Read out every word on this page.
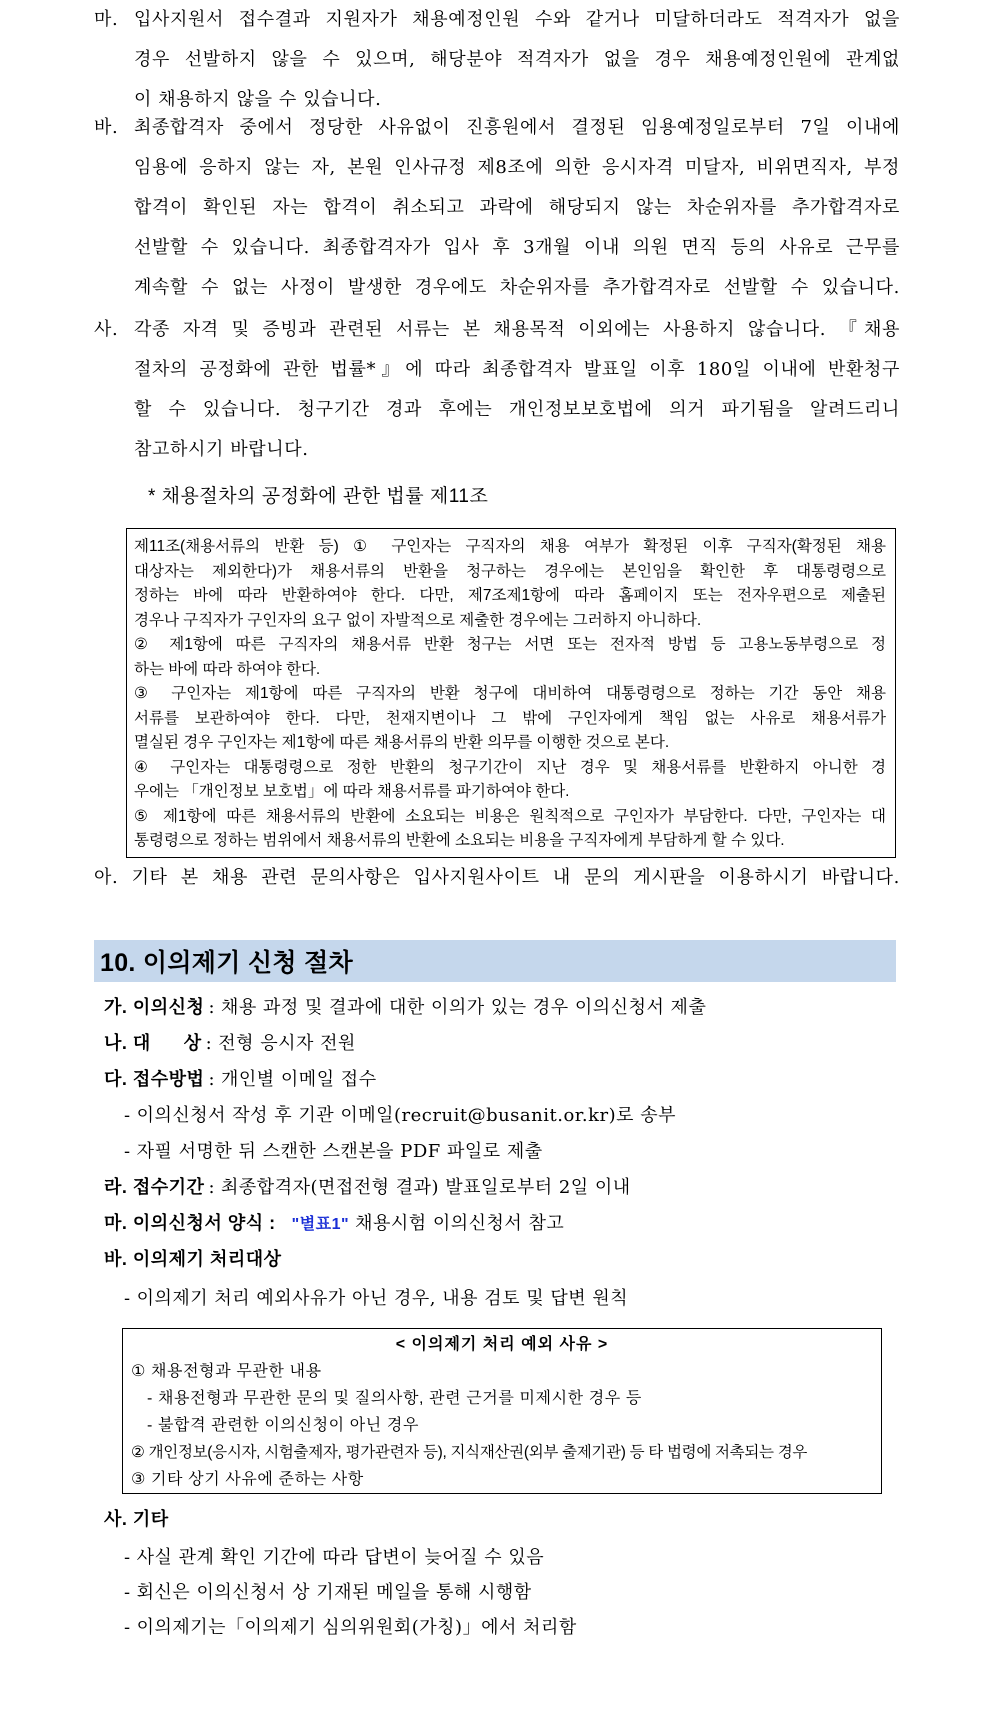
마. 입사지원서 접수결과 지원자가 채용예정인원 수와 같거나 미달하더라도 적격자가 없을
경우 선발하지 않을 수 있으며, 해당분야 적격자가 없을 경우 채용예정인원에 관계없
이 채용하지 않을 수 있습니다.
바. 최종합격자 중에서 정당한 사유없이 진흥원에서 결정된 임용예정일로부터 7일 이내에
임용에 응하지 않는 자, 본원 인사규정 제8조에 의한 응시자격 미달자, 비위면직자, 부정
합격이 확인된 자는 합격이 취소되고 과락에 해당되지 않는 차순위자를 추가합격자로
선발할 수 있습니다. 최종합격자가 입사 후 3개월 이내 의원 면직 등의 사유로 근무를
계속할 수 없는 사정이 발생한 경우에도 차순위자를 추가합격자로 선발할 수 있습니다.
사. 각종 자격 및 증빙과 관련된 서류는 본 채용목적 이외에는 사용하지 않습니다. 『채용
절차의 공정화에 관한 법률*』에 따라 최종합격자 발표일 이후 180일 이내에 반환청구
할 수 있습니다. 청구기간 경과 후에는 개인정보보호법에 의거 파기됨을 알려드리니
참고하시기 바랍니다.
* 채용절차의 공정화에 관한 법률 제11조
제11조(채용서류의 반환 등) ① 구인자는 구직자의 채용 여부가 확정된 이후 구직자(확정된 채용
대상자는 제외한다)가 채용서류의 반환을 청구하는 경우에는 본인임을 확인한 후 대통령령으로
정하는 바에 따라 반환하여야 한다. 다만, 제7조제1항에 따라 홈페이지 또는 전자우편으로 제출된
경우나 구직자가 구인자의 요구 없이 자발적으로 제출한 경우에는 그러하지 아니하다.
② 제1항에 따른 구직자의 채용서류 반환 청구는 서면 또는 전자적 방법 등 고용노동부령으로 정
하는 바에 따라 하여야 한다.
③ 구인자는 제1항에 따른 구직자의 반환 청구에 대비하여 대통령령으로 정하는 기간 동안 채용
서류를 보관하여야 한다. 다만, 천재지변이나 그 밖에 구인자에게 책임 없는 사유로 채용서류가
멸실된 경우 구인자는 제1항에 따른 채용서류의 반환 의무를 이행한 것으로 본다.
④ 구인자는 대통령령으로 정한 반환의 청구기간이 지난 경우 및 채용서류를 반환하지 아니한 경
우에는 「개인정보 보호법」에 따라 채용서류를 파기하여야 한다.
⑤ 제1항에 따른 채용서류의 반환에 소요되는 비용은 원칙적으로 구인자가 부담한다. 다만, 구인자는 대
통령령으로 정하는 범위에서 채용서류의 반환에 소요되는 비용을 구직자에게 부담하게 할 수 있다.
아. 기타 본 채용 관련 문의사항은 입사지원사이트 내 문의 게시판을 이용하시기 바랍니다.
10. 이의제기 신청 절차
가. 이의신청 : 채용 과정 및 결과에 대한 이의가 있는 경우 이의신청서 제출
나. 대      상 : 전형 응시자 전원
다. 접수방법 : 개인별 이메일 접수
- 이의신청서 작성 후 기관 이메일(recruit@busanit.or.kr)로 송부
- 자필 서명한 뒤 스캔한 스캔본을 PDF 파일로 제출
라. 접수기간 : 최종합격자(면접전형 결과) 발표일로부터 2일 이내
마. 이의신청서 양식 : "별표1" 채용시험 이의신청서 참고
바. 이의제기 처리대상
- 이의제기 처리 예외사유가 아닌 경우, 내용 검토 및 답변 원칙
< 이의제기 처리 예외 사유 >
① 채용전형과 무관한 내용
- 채용전형과 무관한 문의 및 질의사항, 관련 근거를 미제시한 경우 등
- 불합격 관련한 이의신청이 아닌 경우
② 개인정보(응시자, 시험출제자, 평가관련자 등), 지식재산권(외부 출제기관) 등 타 법령에 저촉되는 경우
③ 기타 상기 사유에 준하는 사항
사. 기타
- 사실 관계 확인 기간에 따라 답변이 늦어질 수 있음
- 회신은 이의신청서 상 기재된 메일을 통해 시행함
- 이의제기는「이의제기 심의위원회(가칭)」에서 처리함
